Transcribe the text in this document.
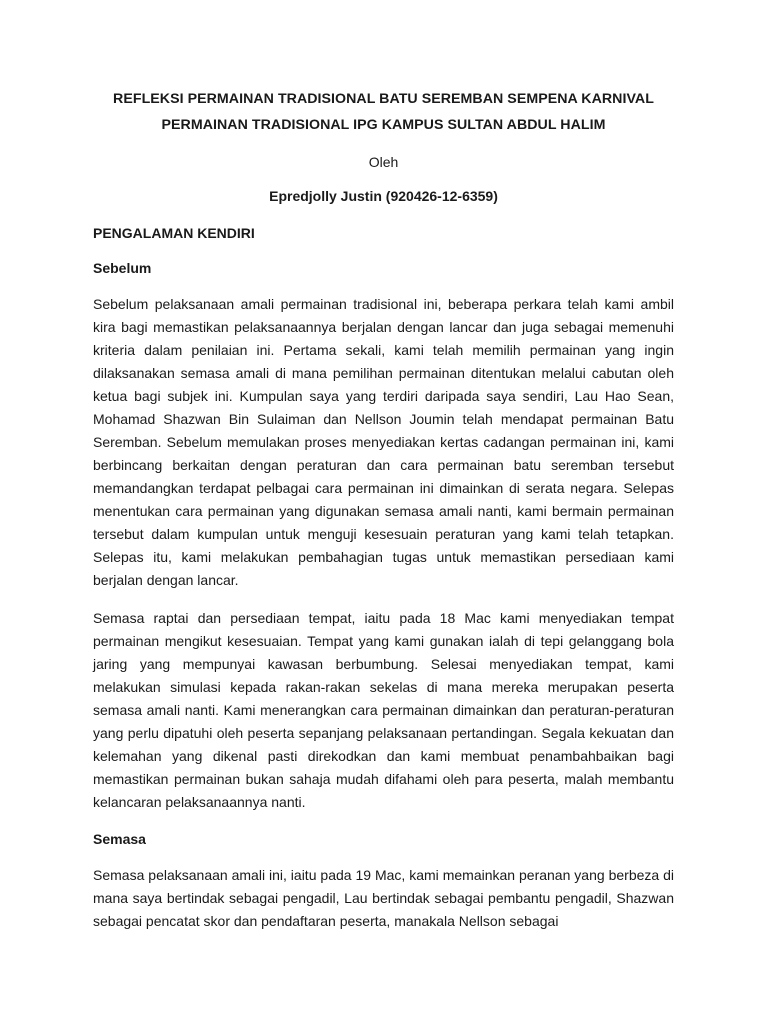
REFLEKSI PERMAINAN TRADISIONAL BATU SEREMBAN SEMPENA KARNIVAL
PERMAINAN TRADISIONAL IPG KAMPUS SULTAN ABDUL HALIM

Oleh

Epredjolly Justin (920426-12-6359)

PENGALAMAN KENDIRI
Sebelum

Sebelum pelaksanaan amali permainan tradisional ini, beberapa perkara telah kami ambil kira bagi memastikan pelaksanaannya berjalan dengan lancar dan juga sebagai memenuhi kriteria dalam penilaian ini. Pertama sekali, kami telah memilih permainan yang ingin dilaksanakan semasa amali di mana pemilihan permainan ditentukan melalui cabutan oleh ketua bagi subjek ini. Kumpulan saya yang terdiri daripada saya sendiri, Lau Hao Sean, Mohamad Shazwan Bin Sulaiman dan Nellson Joumin telah mendapat permainan Batu Seremban. Sebelum memulakan proses menyediakan kertas cadangan permainan ini, kami berbincang berkaitan dengan peraturan dan cara permainan batu seremban tersebut memandangkan terdapat pelbagai cara permainan ini dimainkan di serata negara. Selepas menentukan cara permainan yang digunakan semasa amali nanti, kami bermain permainan tersebut dalam kumpulan untuk menguji kesesuain peraturan yang kami telah tetapkan. Selepas itu, kami melakukan pembahagian tugas untuk memastikan persediaan kami berjalan dengan lancar.

Semasa raptai dan persediaan tempat, iaitu pada 18 Mac kami menyediakan tempat permainan mengikut kesesuaian. Tempat yang kami gunakan ialah di tepi gelanggang bola jaring yang mempunyai kawasan berbumbung. Selesai menyediakan tempat, kami melakukan simulasi kepada rakan-rakan sekelas di mana mereka merupakan peserta semasa amali nanti. Kami menerangkan cara permainan dimainkan dan peraturan-peraturan yang perlu dipatuhi oleh peserta sepanjang pelaksanaan pertandingan. Segala kekuatan dan kelemahan yang dikenal pasti direkodkan dan kami membuat penambahbaikan bagi memastikan permainan bukan sahaja mudah difahami oleh para peserta, malah membantu kelancaran pelaksanaannya nanti.

Semasa

Semasa pelaksanaan amali ini, iaitu pada 19 Mac, kami memainkan peranan yang berbeza di mana saya bertindak sebagai pengadil, Lau bertindak sebagai pembantu pengadil, Shazwan sebagai pencatat skor dan pendaftaran peserta, manakala Nellson sebagai
